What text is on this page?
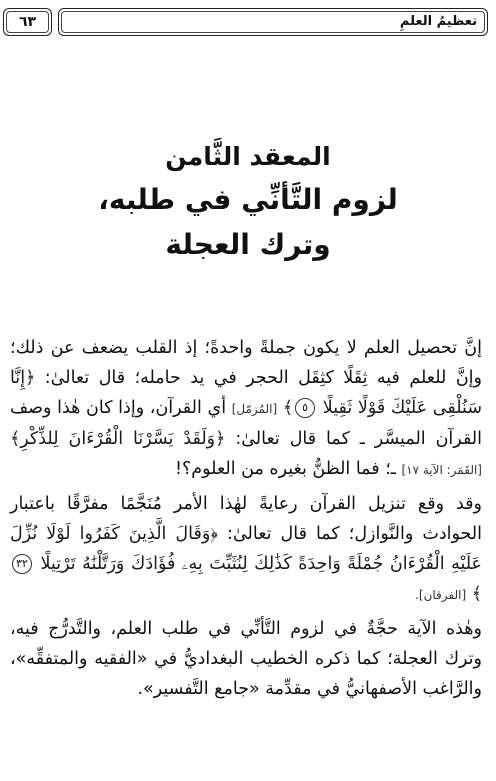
تعظيمُ العلمِ
٦٣
المعقد الثَّامن
لزوم التَّأنِّي في طلبه،
وترك العجلة

إنَّ تحصيل العلم لا يكون جملةً واحدةً؛ إذ القلب يضعف عن ذلك؛ وإنَّ للعلم فيه ثِقَلًا كثِقَل الحجر في يد حامله؛ قال تعالىٰ: ﴿إِنَّا سَنُلْقِى عَلَيْكَ قَوْلًا ثَقِيلًا ٥﴾ [المُزمّل] أي القرآن، وإذا كان هٰذا وصف القرآن الميسَّر ـ كما قال تعالىٰ: ﴿وَلَقَدْ يَسَّرْنَا الْقُرْءَانَ لِلذِّكْرِ﴾ [القَمَر: الآية ١٧] ـ؛ فما الظنُّ بغيره من العلوم؟!

وقد وقع تنزيل القرآن رعايةً لهٰذا الأمر مُنَجَّمًا مفرَّقًا باعتبار الحوادث والنَّوازل؛ كما قال تعالىٰ: ﴿وَقَالَ الَّذِينَ كَفَرُوا لَوْلَا نُزِّلَ عَلَيْهِ الْقُرْءَانُ جُمْلَةً وَاحِدَةً كَذَٰلِكَ لِنُثَبِّتَ بِهِۦ فُؤَادَكَ وَرَتَّلْنَٰهُ تَرْتِيلًا ٣٢﴾ [الفرقان].

وهٰذه الآية حجَّةٌ في لزوم التَّأنِّي في طلب العلم، والتَّدرُّج فيه، وترك العجلة؛ كما ذكره الخطيب البغداديُّ في «الفقيه والمتفقِّه»، والرَّاغب الأصفهانيُّ في مقدِّمة «جامع التَّفسير».
